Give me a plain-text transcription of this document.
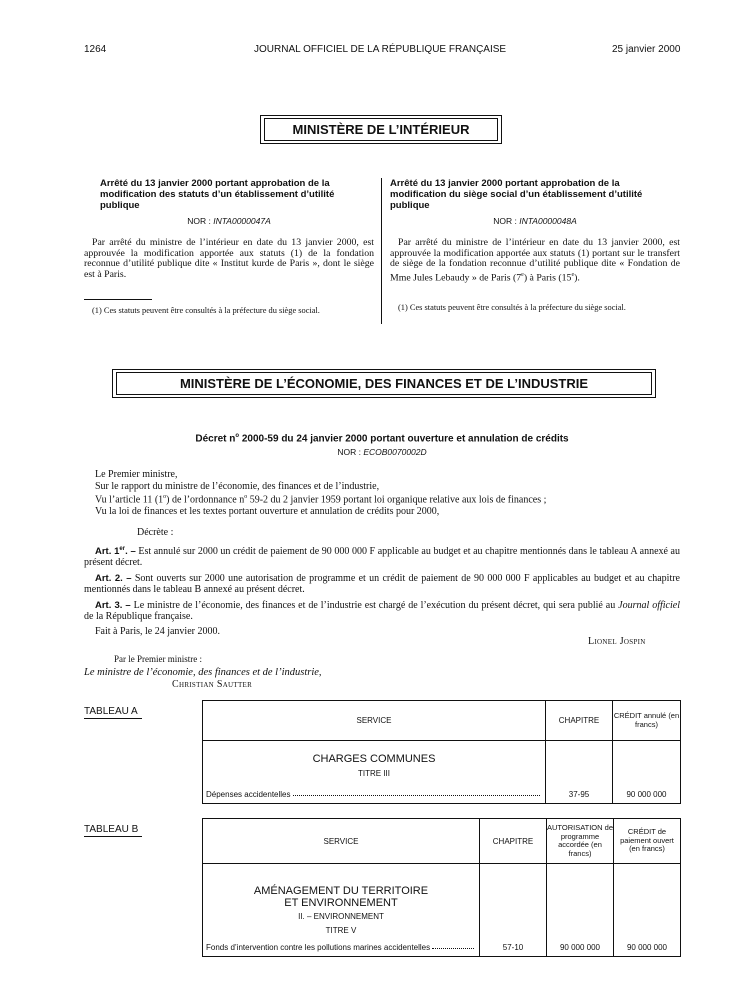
1264	JOURNAL OFFICIEL DE LA RÉPUBLIQUE FRANÇAISE	25 janvier 2000
MINISTÈRE DE L’INTÉRIEUR
Arrêté du 13 janvier 2000 portant approbation de la modification des statuts d’un établissement d’utilité publique
NOR : INTA0000047A
Par arrêté du ministre de l’intérieur en date du 13 janvier 2000, est approuvée la modification apportée aux statuts (1) de la fondation reconnue d’utilité publique dite « Institut kurde de Paris », dont le siège est à Paris.
(1) Ces statuts peuvent être consultés à la préfecture du siège social.
Arrêté du 13 janvier 2000 portant approbation de la modification du siège social d’un établissement d’utilité publique
NOR : INTA0000048A
Par arrêté du ministre de l’intérieur en date du 13 janvier 2000, est approuvée la modification apportée aux statuts (1) portant sur le transfert de siège de la fondation reconnue d’utilité publique dite « Fondation de Mme Jules Lebaudy » de Paris (7e) à Paris (15e).
(1) Ces statuts peuvent être consultés à la préfecture du siège social.
MINISTÈRE DE L’ÉCONOMIE, DES FINANCES ET DE L’INDUSTRIE
Décret $n^o$ 2000-59 du 24 janvier 2000 portant ouverture et annulation de crédits
NOR : ECOB0070002D
Le Premier ministre,
Sur le rapport du ministre de l’économie, des finances et de l’industrie,
Vu l’article 11 (1$^o$) de l’ordonnance $n^o$ 59-2 du 2 janvier 1959 portant loi organique relative aux lois de finances ;
Vu la loi de finances et les textes portant ouverture et annulation de crédits pour 2000,
Décrète :
Art. 1er. – Est annulé sur 2000 un crédit de paiement de 90 000 000 F applicable au budget et au chapitre mentionnés dans le tableau A annexé au présent décret.
Art. 2. – Sont ouverts sur 2000 une autorisation de programme et un crédit de paiement de 90 000 000 F applicables au budget et au chapitre mentionnés dans le tableau B annexé au présent décret.
Art. 3. – Le ministre de l’économie, des finances et de l’industrie est chargé de l’exécution du présent décret, qui sera publié au Journal officiel de la République française.
Fait à Paris, le 24 janvier 2000.
Lionel Jospin
Par le Premier ministre :
Le ministre de l’économie, des finances et de l’industrie,
Christian Sautter
TABLEAU A
SERVICE	CHAPITRE	CRÉDIT annulé (en francs)

CHARGES COMMUNES
TITRE III
Dépenses accidentelles	37-95	90 000 000
TABLEAU B
SERVICE	CHAPITRE	AUTORISATION de programme accordée (en francs)	CRÉDIT de paiement ouvert (en francs)

AMÉNAGEMENT DU TERRITOIRE ET ENVIRONNEMENT
II. – ENVIRONNEMENT
TITRE V
Fonds d’intervention contre les pollutions marines accidentelles	57-10	90 000 000	90 000 000
